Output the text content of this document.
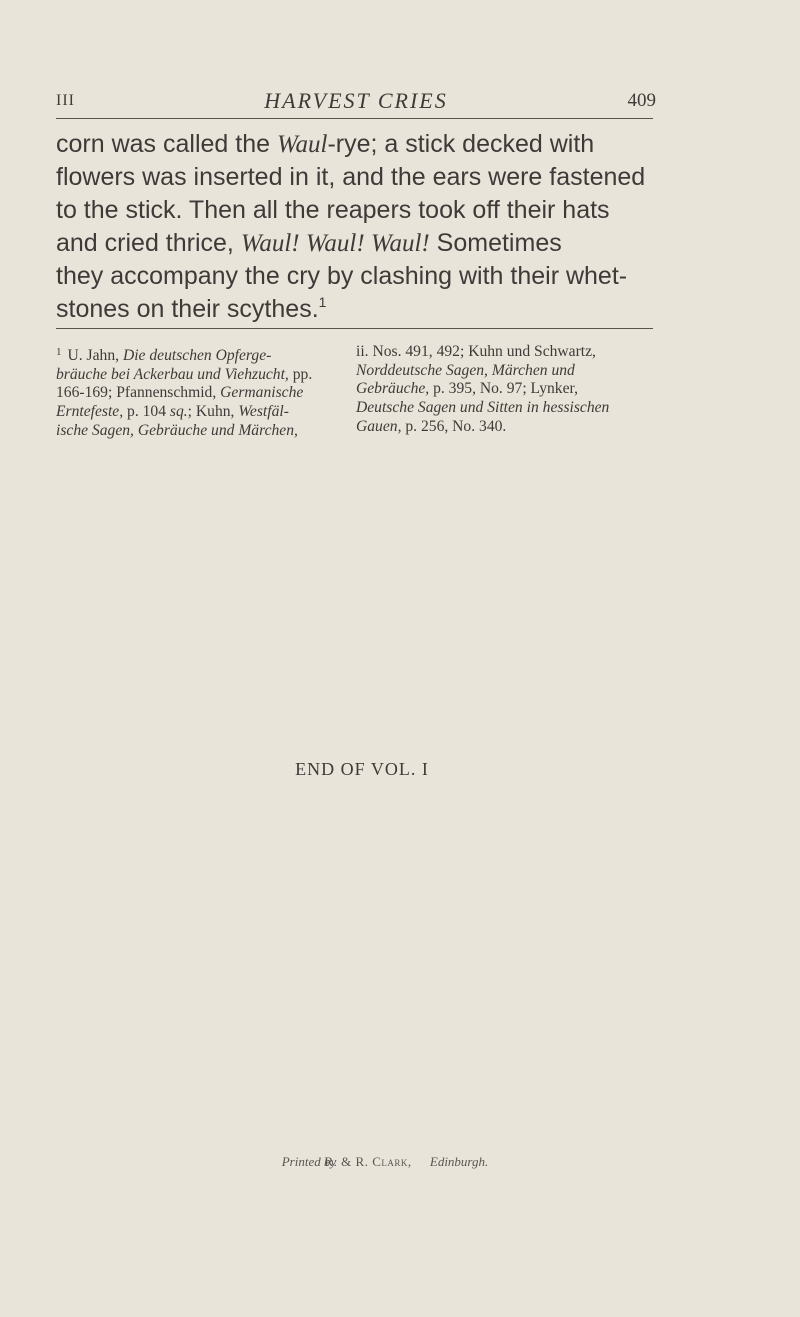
III	HARVEST CRIES	409
corn was called the Waul-rye; a stick decked with
flowers was inserted in it, and the ears were fastened
to the stick. Then all the reapers took off their hats
and cried thrice, Waul! Waul! Waul! Sometimes
they accompany the cry by clashing with their whet-
stones on their scythes.$^1$
$^1$ U. Jahn, Die deutschen Opferge-
bräuche bei Ackerbau und Viehzucht, pp.
166-169; Pfannenschmid, Germanische
Erntefeste, p. 104 sq.; Kuhn, Westfäl-
ische Sagen, Gebräuche und Märchen,
ii. Nos. 491, 492; Kuhn und Schwartz,
Norddeutsche Sagen, Märchen und
Gebräuche, p. 395, No. 97; Lynker,
Deutsche Sagen und Sitten in hessischen
Gauen, p. 256, No. 340.
END OF VOL. I
Printed by R. & R. Clark, Edinburgh.
